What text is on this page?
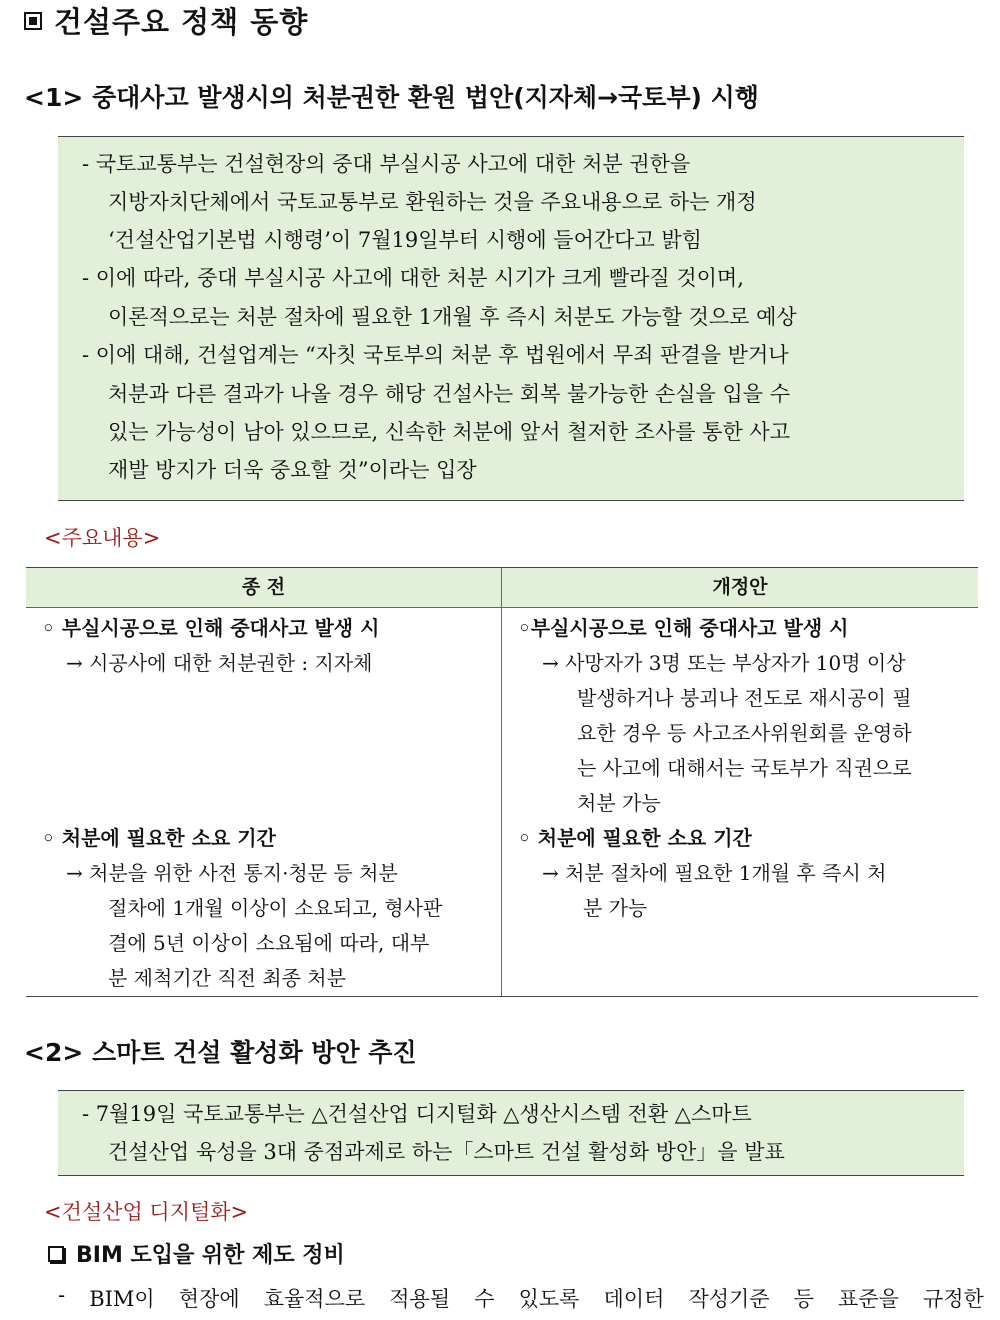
건설주요 정책 동향
<1> 중대사고 발생시의 처분권한 환원 법안(지자체→국토부) 시행
- 국토교통부는 건설현장의 중대 부실시공 사고에 대한 처분 권한을
지방자치단체에서 국토교통부로 환원하는 것을 주요내용으로 하는 개정
‘건설산업기본법 시행령’이 7월19일부터 시행에 들어간다고 밝힘
- 이에 따라, 중대 부실시공 사고에 대한 처분 시기가 크게 빨라질 것이며,
이론적으로는 처분 절차에 필요한 1개월 후 즉시 처분도 가능할 것으로 예상
- 이에 대해, 건설업계는 “자칫 국토부의 처분 후 법원에서 무죄 판결을 받거나
처분과 다른 결과가 나올 경우 해당 건설사는 회복 불가능한 손실을 입을 수
있는 가능성이 남아 있으므로, 신속한 처분에 앞서 철저한 조사를 통한 사고
재발 방지가 더욱 중요할 것”이라는 입장
<주요내용>
종 전	개정안
◦ 부실시공으로 인해 중대사고 발생 시
→ 시공사에 대한 처분권한 : 지자체
◦ 처분에 필요한 소요 기간
→ 처분을 위한 사전 통지·청문 등 처분
절차에 1개월 이상이 소요되고, 형사판
결에 5년 이상이 소요됨에 따라, 대부
분 제척기간 직전 최종 처분
◦부실시공으로 인해 중대사고 발생 시
→ 사망자가 3명 또는 부상자가 10명 이상
발생하거나 붕괴나 전도로 재시공이 필
요한 경우 등 사고조사위원회를 운영하
는 사고에 대해서는 국토부가 직권으로
처분 가능
◦ 처분에 필요한 소요 기간
→ 처분 절차에 필요한 1개월 후 즉시 처
분 가능
<2> 스마트 건설 활성화 방안 추진
- 7월19일 국토교통부는 △건설산업 디지털화 △생산시스템 전환 △스마트
건설산업 육성을 3대 중점과제로 하는「스마트 건설 활성화 방안」을 발표
<건설산업 디지털화>
BIM 도입을 위한 제도 정비
- BIM이 현장에 효율적으로 적용될 수 있도록 데이터 작성기준 등 표준을 규정한
